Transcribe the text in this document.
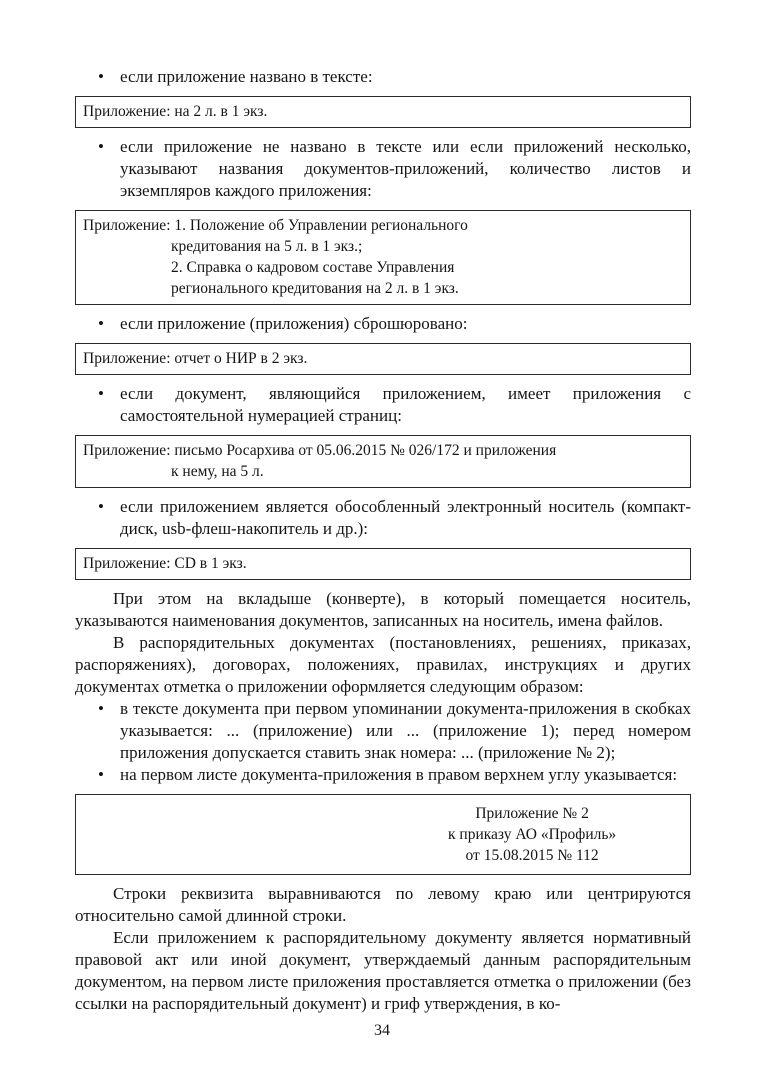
• если приложение названо в тексте:
Приложение: на 2 л. в 1 экз.
• если приложение не названо в тексте или если приложений несколько, указывают названия документов-приложений, количество листов и экземпляров каждого приложения:
Приложение: 1. Положение об Управлении регионального
кредитования на 5 л. в 1 экз.;
2. Справка о кадровом составе Управления
регионального кредитования на 2 л. в 1 экз.
• если приложение (приложения) сброшюровано:
Приложение: отчет о НИР в 2 экз.
• если документ, являющийся приложением, имеет приложения с самостоятельной нумерацией страниц:
Приложение: письмо Росархива от 05.06.2015 № 026/172 и приложения
к нему, на 5 л.
• если приложением является обособленный электронный носитель (компакт-диск, usb-флеш-накопитель и др.):
Приложение: CD в 1 экз.

При этом на вкладыше (конверте), в который помещается носитель, указываются наименования документов, записанных на носитель, имена файлов.

В распорядительных документах (постановлениях, решениях, приказах, распоряжениях), договорах, положениях, правилах, инструкциях и других документах отметка о приложении оформляется следующим образом:

• в тексте документа при первом упоминании документа-приложения в скобках указывается: ... (приложение) или ... (приложение 1); перед номером приложения допускается ставить знак номера: ... (приложение № 2);
• на первом листе документа-приложения в правом верхнем углу указывается:
Приложение № 2
к приказу АО «Профиль»
от 15.08.2015 № 112

Строки реквизита выравниваются по левому краю или центрируются относительно самой длинной строки.

Если приложением к распорядительному документу является нормативный правовой акт или иной документ, утверждаемый данным распорядительным документом, на первом листе приложения проставляется отметка о приложении (без ссылки на распорядительный документ) и гриф утверждения, в ко-

34
